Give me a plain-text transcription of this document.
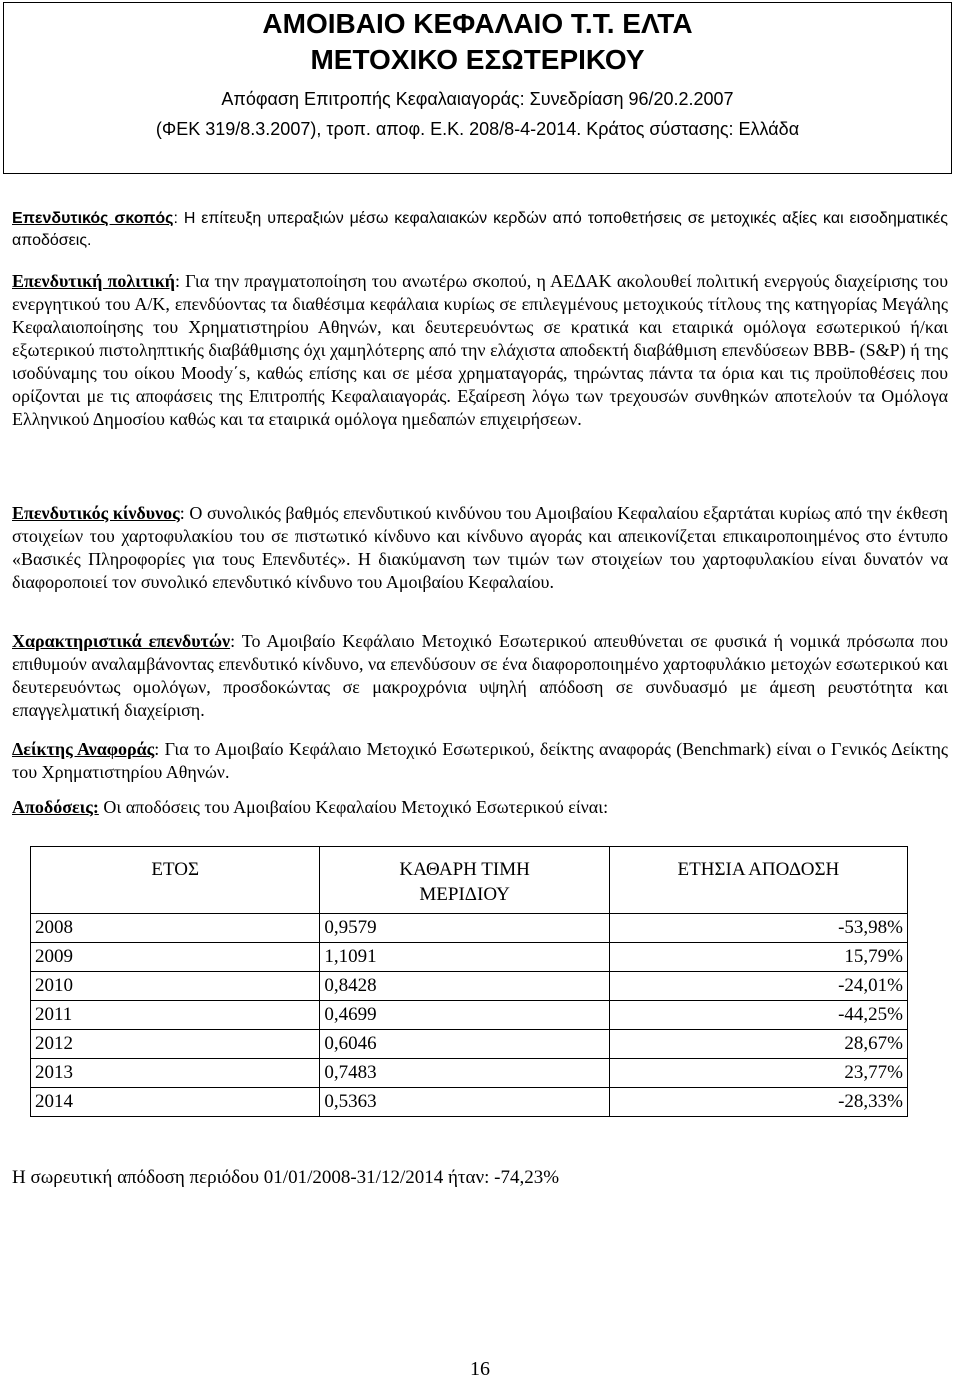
ΑΜΟΙΒΑΙΟ ΚΕΦΑΛΑΙΟ Τ.Τ. ΕΛΤΑ
ΜΕΤΟΧΙΚΟ ΕΣΩΤΕΡΙΚΟΥ
Απόφαση Επιτροπής Κεφαλαιαγοράς: Συνεδρίαση 96/20.2.2007
(ΦΕΚ 319/8.3.2007), τροπ. αποφ. Ε.Κ. 208/8-4-2014. Κράτος σύστασης: Ελλάδα
Επενδυτικός σκοπός: Η επίτευξη υπεραξιών μέσω κεφαλαιακών κερδών από τοποθετήσεις σε μετοχικές αξίες και εισοδηματικές αποδόσεις.
Επενδυτική πολιτική: Για την πραγματοποίηση του ανωτέρω σκοπού, η ΑΕΔΑΚ ακολουθεί πολιτική ενεργούς διαχείρισης του ενεργητικού του Α/Κ, επενδύοντας τα διαθέσιμα κεφάλαια κυρίως σε επιλεγμένους μετοχικούς τίτλους της κατηγορίας Μεγάλης Κεφαλαιοποίησης του Χρηματιστηρίου Αθηνών, και δευτερευόντως σε κρατικά και εταιρικά ομόλογα εσωτερικού ή/και εξωτερικού πιστοληπτικής διαβάθμισης όχι χαμηλότερης από την ελάχιστα αποδεκτή διαβάθμιση επενδύσεων BBB- (S&P) ή της ισοδύναμης του οίκου Moody΄s, καθώς επίσης και σε μέσα χρηματαγοράς, τηρώντας πάντα τα όρια και τις προϋποθέσεις που ορίζονται με τις αποφάσεις της Επιτροπής Κεφαλαιαγοράς. Εξαίρεση λόγω των τρεχουσών συνθηκών αποτελούν τα Ομόλογα Ελληνικού Δημοσίου καθώς και τα εταιρικά ομόλογα ημεδαπών επιχειρήσεων.
Επενδυτικός κίνδυνος: Ο συνολικός βαθμός επενδυτικού κινδύνου του Αμοιβαίου Κεφαλαίου εξαρτάται κυρίως από την έκθεση στοιχείων του χαρτοφυλακίου του σε πιστωτικό κίνδυνο και κίνδυνο αγοράς και απεικονίζεται επικαιροποιημένος στο έντυπο «Βασικές Πληροφορίες για τους Επενδυτές». Η διακύμανση των τιμών των στοιχείων του χαρτοφυλακίου είναι δυνατόν να διαφοροποιεί τον συνολικό επενδυτικό κίνδυνο του Αμοιβαίου Κεφαλαίου.
Χαρακτηριστικά επενδυτών: Το Αμοιβαίο Κεφάλαιο Μετοχικό Εσωτερικού απευθύνεται σε φυσικά ή νομικά πρόσωπα που επιθυμούν αναλαμβάνοντας επενδυτικό κίνδυνο, να επενδύσουν σε ένα διαφοροποιημένο χαρτοφυλάκιο μετοχών εσωτερικού και δευτερευόντως ομολόγων, προσδοκώντας σε μακροχρόνια υψηλή απόδοση σε συνδυασμό με άμεση ρευστότητα και επαγγελματική διαχείριση.
Δείκτης Αναφοράς: Για το Αμοιβαίο Κεφάλαιο Μετοχικό Εσωτερικού, δείκτης αναφοράς (Benchmark) είναι ο Γενικός Δείκτης του Χρηματιστηρίου Αθηνών.
Αποδόσεις: Οι αποδόσεις του Αμοιβαίου Κεφαλαίου Μετοχικό Εσωτερικού είναι:
ΕΤΟΣ	ΚΑΘΑΡΗ ΤΙΜΗ ΜΕΡΙΔΙΟΥ	ΕΤΗΣΙΑ ΑΠΟΔΟΣΗ
2008	0,9579	-53,98%
2009	1,1091	15,79%
2010	0,8428	-24,01%
2011	0,4699	-44,25%
2012	0,6046	28,67%
2013	0,7483	23,77%
2014	0,5363	-28,33%
Η σωρευτική απόδοση περιόδου 01/01/2008-31/12/2014 ήταν: -74,23%
16
